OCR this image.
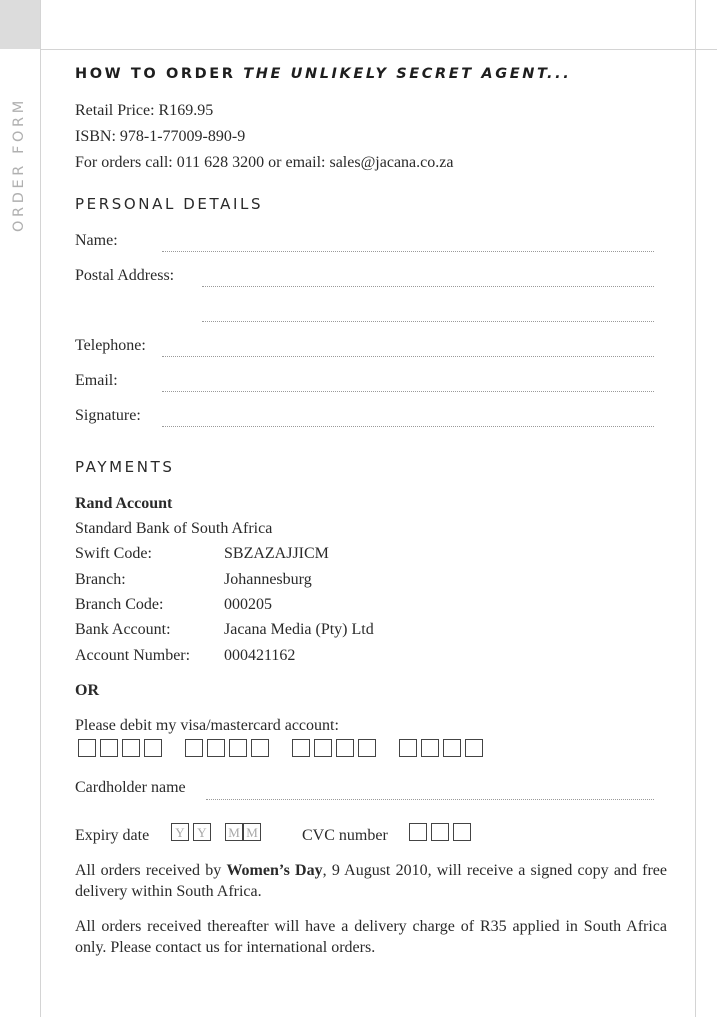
ORDER FORM
HOW TO ORDER THE UNLIKELY SECRET AGENT...
Retail Price: R169.95
ISBN: 978-1-77009-890-9
For orders call: 011 628 3200 or email: sales@jacana.co.za
PERSONAL DETAILS
Name:
Postal Address:
Telephone:
Email:
Signature:
PAYMENTS
Rand Account
Standard Bank of South Africa
Swift Code:	SBZAZAJJICM
Branch:	Johannesburg
Branch Code:	000205
Bank Account:	Jacana Media (Pty) Ltd
Account Number: 000421162
OR
Please debit my visa/mastercard account:
Cardholder name
Expiry date	Y Y	M M	CVC number
All orders received by Women’s Day, 9 August 2010, will receive a signed copy and free delivery within South Africa.
All orders received thereafter will have a delivery charge of R35 applied in South Africa only. Please contact us for international orders.
